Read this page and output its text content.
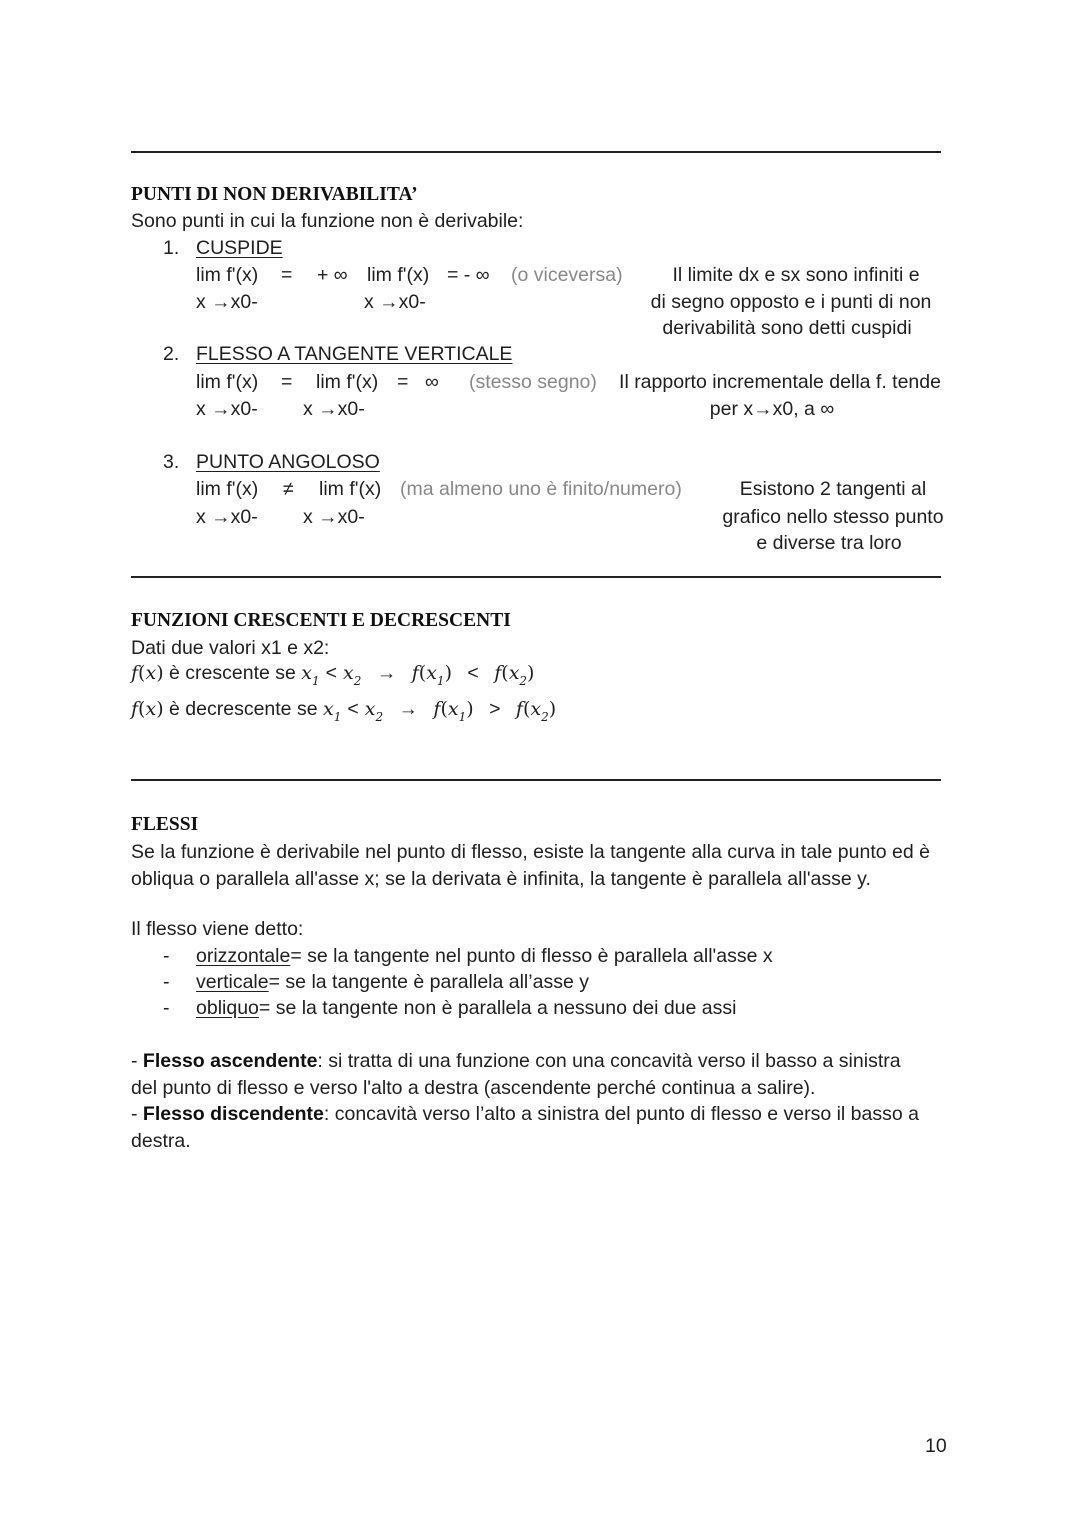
PUNTI DI NON DERIVABILITA’
Sono punti in cui la funzione non è derivabile:
1. CUSPIDE
lim f'(x) = + ∞ lim f'(x) = - ∞ (o viceversa)
x →x0-	x →x0-
Il limite dx e sx sono infiniti e
di segno opposto e i punti di non
derivabilità sono detti cuspidi
2. FLESSO A TANGENTE VERTICALE
lim f'(x) = lim f'(x) = ∞ (stesso segno)
x →x0- x →x0-
Il rapporto incrementale della f. tende
per x→x0, a ∞
3. PUNTO ANGOLOSO
lim f'(x) ≠ lim f'(x) (ma almeno uno è finito/numero)
x →x0- x →x0-
Esistono 2 tangenti al
grafico nello stesso punto
e diverse tra loro
FUNZIONI CRESCENTI E DECRESCENTI
Dati due valori x1 e x2:
f(x) è crescente se $x_1 < x_2 \to f(x_1) < f(x_2)$
f(x) è decrescente se $x_1 < x_2 \to f(x_1) > f(x_2)$
FLESSI
Se la funzione è derivabile nel punto di flesso, esiste la tangente alla curva in tale punto ed è obliqua o parallela all'asse x; se la derivata è infinita, la tangente è parallela all'asse y.
Il flesso viene detto:
- orizzontale= se la tangente nel punto di flesso è parallela all'asse x
- verticale= se la tangente è parallela all’asse y
- obliquo= se la tangente non è parallela a nessuno dei due assi
- Flesso ascendente: si tratta di una funzione con una concavità verso il basso a sinistra del punto di flesso e verso l'alto a destra (ascendente perché continua a salire).
- Flesso discendente: concavità verso l’alto a sinistra del punto di flesso e verso il basso a destra.
10
